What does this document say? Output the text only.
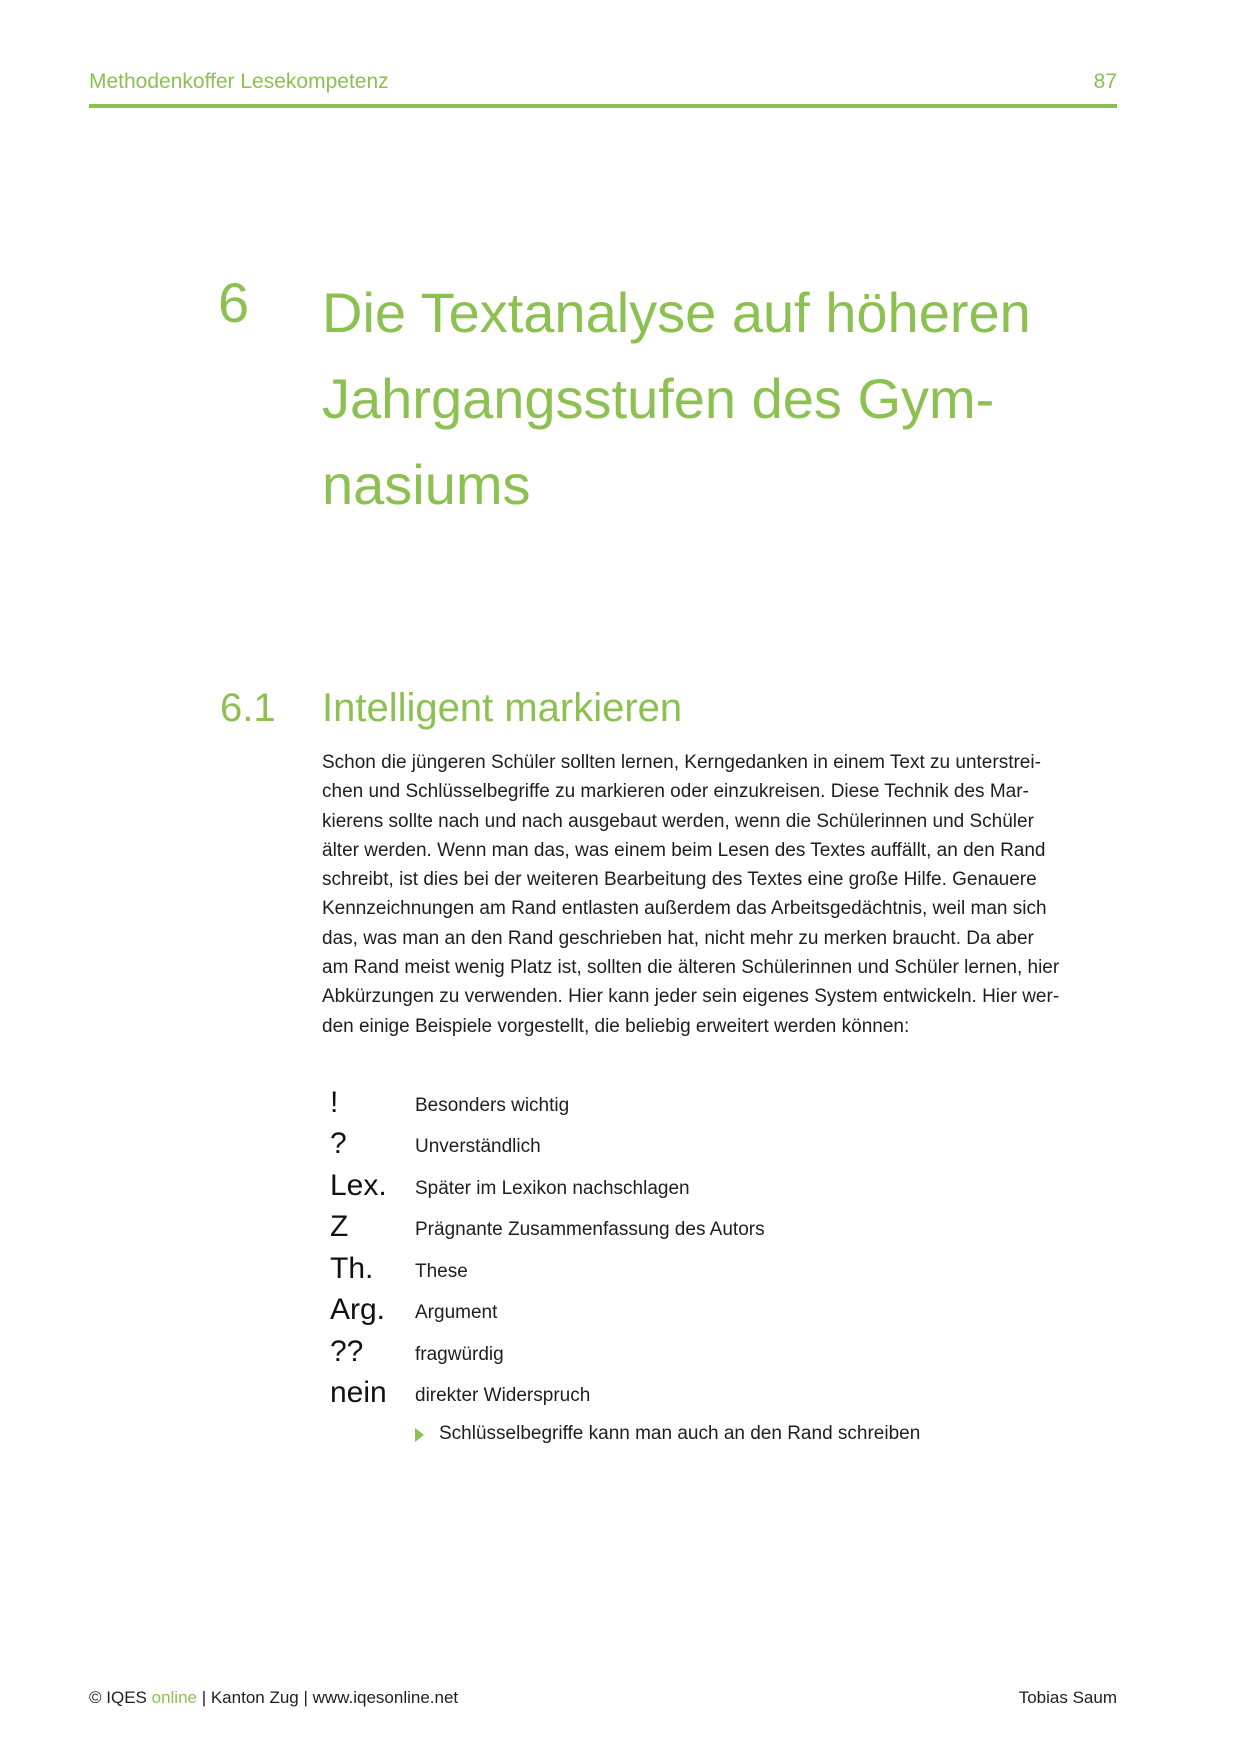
Methodenkoffer Lesekompetenz	87
6 Die Textanalyse auf höheren
Jahrgangsstufen des Gym-
nasiums
6.1 Intelligent markieren
Schon die jüngeren Schüler sollten lernen, Kerngedanken in einem Text zu unterstrei-
chen und Schlüsselbegriffe zu markieren oder einzukreisen. Diese Technik des Mar-
kierens sollte nach und nach ausgebaut werden, wenn die Schülerinnen und Schüler
älter werden. Wenn man das, was einem beim Lesen des Textes auffällt, an den Rand
schreibt, ist dies bei der weiteren Bearbeitung des Textes eine große Hilfe. Genauere
Kennzeichnungen am Rand entlasten außerdem das Arbeitsgedächtnis, weil man sich
das, was man an den Rand geschrieben hat, nicht mehr zu merken braucht. Da aber
am Rand meist wenig Platz ist, sollten die älteren Schülerinnen und Schüler lernen, hier
Abkürzungen zu verwenden. Hier kann jeder sein eigenes System entwickeln. Hier wer-
den einige Beispiele vorgestellt, die beliebig erweitert werden können:
!	Besonders wichtig
?	Unverständlich
Lex. Später im Lexikon nachschlagen
Z	Prägnante Zusammenfassung des Autors
Th. These
Arg. Argument
??	fragwürdig
nein direkter Widerspruch
Schlüsselbegriffe kann man auch an den Rand schreiben
© IQES online | Kanton Zug | www.iqesonline.net	Tobias Saum
